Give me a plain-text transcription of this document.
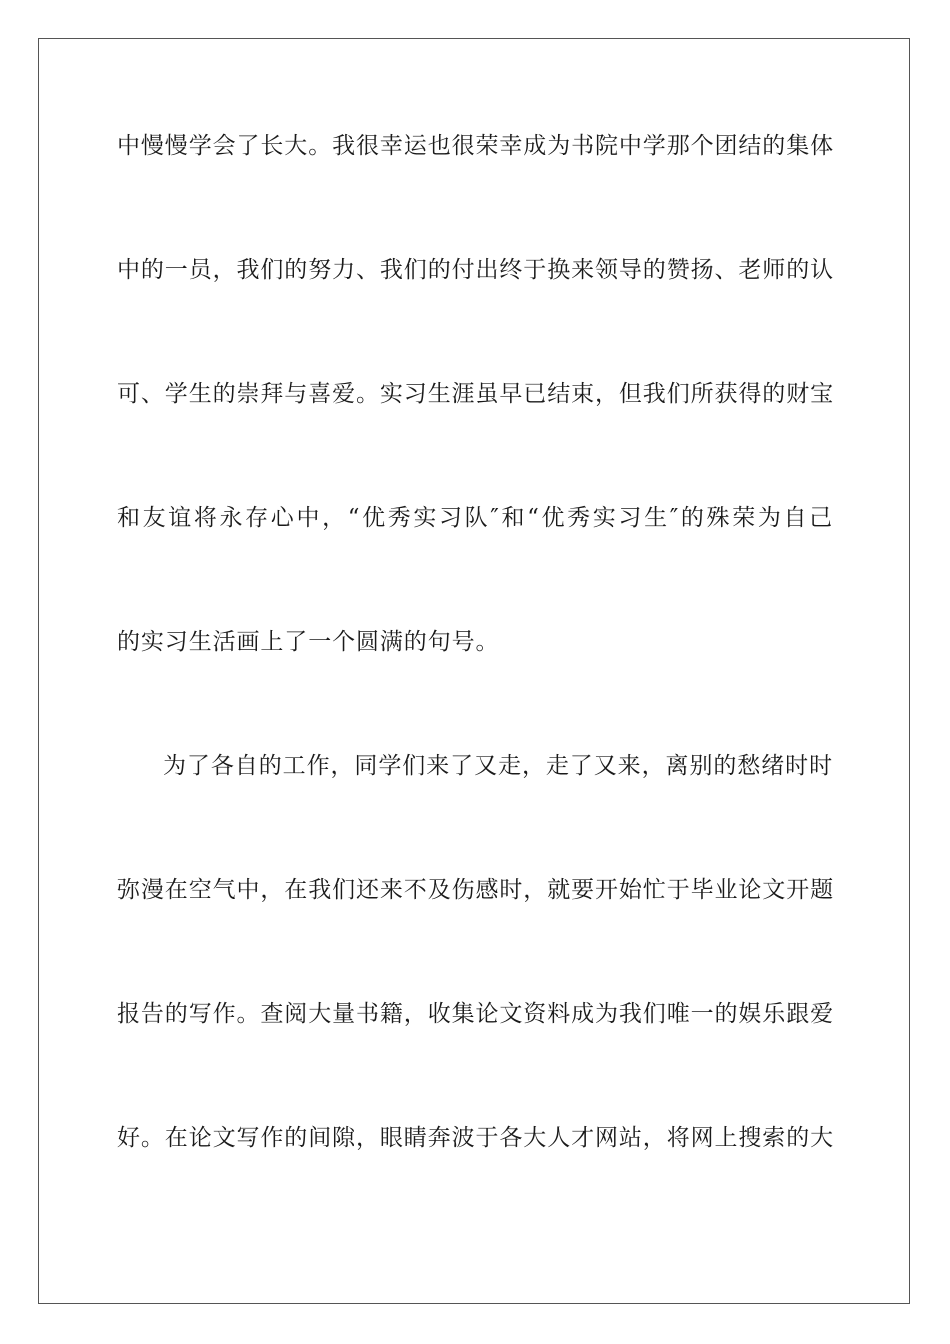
中慢慢学会了长大。我很幸运也很荣幸成为书院中学那个团结的集体
中的一员，我们的努力、我们的付出终于换来领导的赞扬、老师的认
可、学生的崇拜与喜爱。实习生涯虽早已结束，但我们所获得的财宝
和友谊将永存心中，“优秀实习队″和“优秀实习生″的殊荣为自己
的实习生活画上了一个圆满的句号。
为了各自的工作，同学们来了又走，走了又来，离别的愁绪时时
弥漫在空气中，在我们还来不及伤感时，就要开始忙于毕业论文开题
报告的写作。查阅大量书籍，收集论文资料成为我们唯一的娱乐跟爱
好。在论文写作的间隙，眼睛奔波于各大人才网站，将网上搜索的大
